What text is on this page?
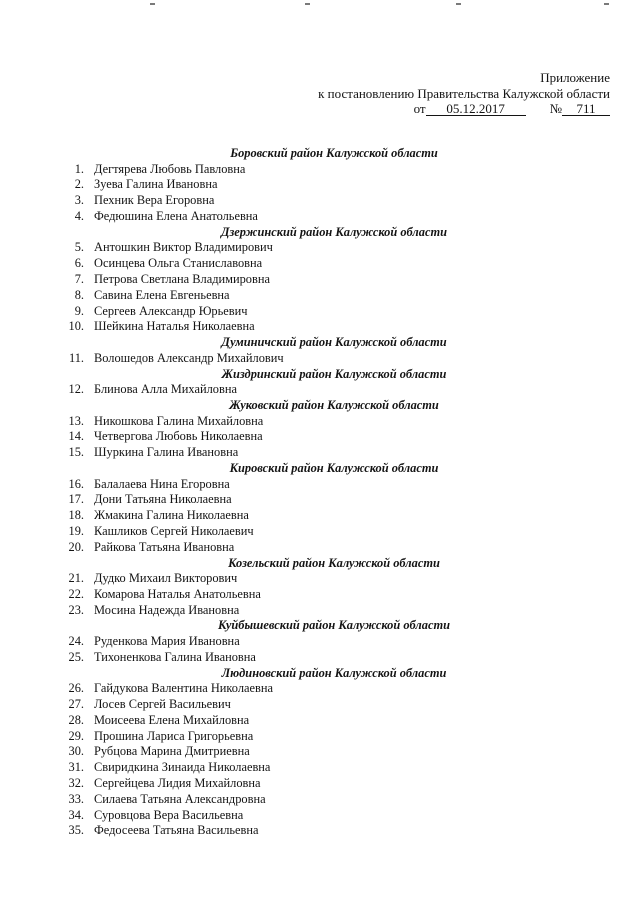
Приложение
к постановлению Правительства Калужской области
от 05.12.2017	№ 711
Боровский район Калужской области
1. Дегтярева Любовь Павловна
2. Зуева Галина Ивановна
3. Пехник Вера Егоровна
4. Федюшина Елена Анатольевна
Дзержинский район Калужской области
5. Антошкин Виктор Владимирович
6. Осинцева Ольга Станиславовна
7. Петрова Светлана Владимировна
8. Савина Елена Евгеньевна
9. Сергеев Александр Юрьевич
10. Шейкина Наталья Николаевна
Думиничский район Калужской области
11. Волошедов Александр Михайлович
Жиздринский район Калужской области
12. Блинова Алла Михайловна
Жуковский район Калужской области
13. Никошкова Галина Михайловна
14. Четвергова Любовь Николаевна
15. Шуркина Галина Ивановна
Кировский район Калужской области
16. Балалаева Нина Егоровна
17. Дони Татьяна Николаевна
18. Жмакина Галина Николаевна
19. Кашликов Сергей Николаевич
20. Райкова Татьяна Ивановна
Козельский район Калужской области
21. Дудко Михаил Викторович
22. Комарова Наталья Анатольевна
23. Мосина Надежда Ивановна
Куйбышевский район Калужской области
24. Руденкова Мария Ивановна
25. Тихоненкова Галина Ивановна
Людиновский район Калужской области
26. Гайдукова Валентина Николаевна
27. Лосев Сергей Васильевич
28. Моисеева Елена Михайловна
29. Прошина Лариса Григорьевна
30. Рубцова Марина Дмитриевна
31. Свиридкина Зинаида Николаевна
32. Сергейцева Лидия Михайловна
33. Силаева Татьяна Александровна
34. Суровцова Вера Васильевна
35. Федосеева Татьяна Васильевна
